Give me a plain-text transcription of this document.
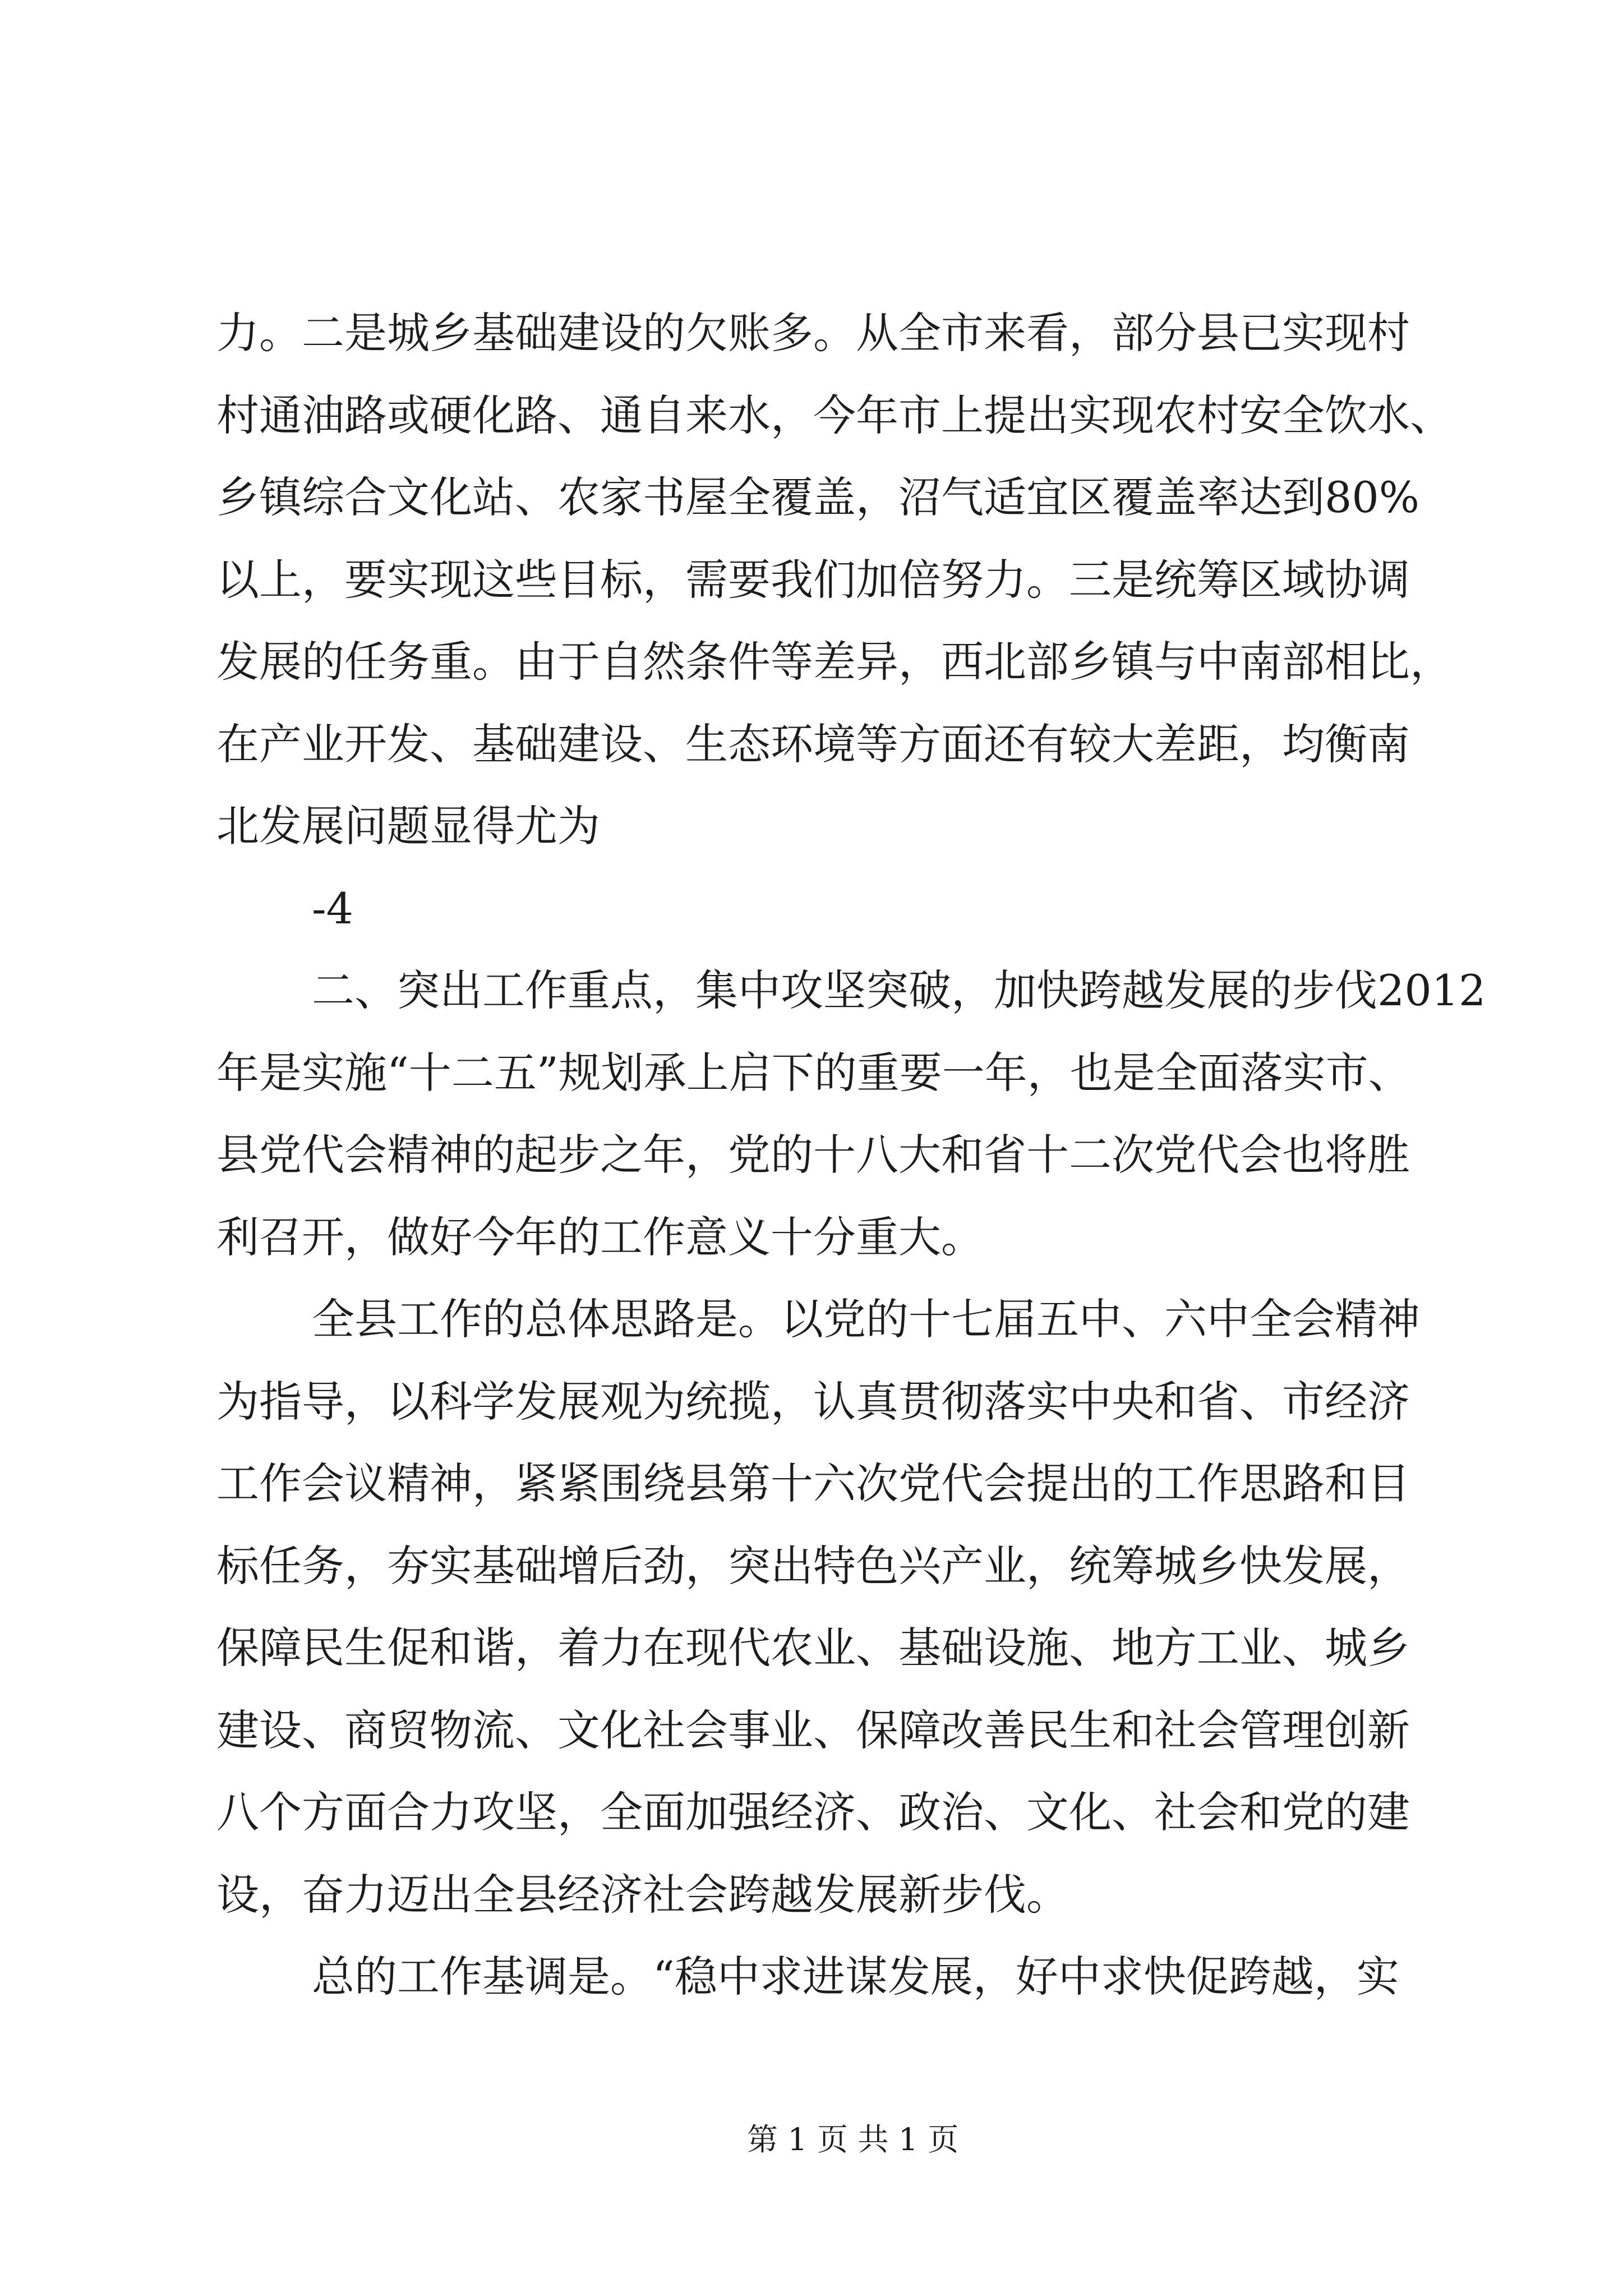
力。二是城乡基础建设的欠账多。从全市来看，部分县已实现村
村通油路或硬化路、通自来水，今年市上提出实现农村安全饮水、
乡镇综合文化站、农家书屋全覆盖，沼气适宜区覆盖率达到80%
以上，要实现这些目标，需要我们加倍努力。三是统筹区域协调
发展的任务重。由于自然条件等差异，西北部乡镇与中南部相比，
在产业开发、基础建设、生态环境等方面还有较大差距，均衡南
北发展问题显得尤为
-4
二、突出工作重点，集中攻坚突破，加快跨越发展的步伐2012
年是实施“十二五”规划承上启下的重要一年，也是全面落实市、
县党代会精神的起步之年，党的十八大和省十二次党代会也将胜
利召开，做好今年的工作意义十分重大。
全县工作的总体思路是。以党的十七届五中、六中全会精神
为指导，以科学发展观为统揽，认真贯彻落实中央和省、市经济
工作会议精神，紧紧围绕县第十六次党代会提出的工作思路和目
标任务，夯实基础增后劲，突出特色兴产业，统筹城乡快发展，
保障民生促和谐，着力在现代农业、基础设施、地方工业、城乡
建设、商贸物流、文化社会事业、保障改善民生和社会管理创新
八个方面合力攻坚，全面加强经济、政治、文化、社会和党的建
设，奋力迈出全县经济社会跨越发展新步伐。
总的工作基调是。“稳中求进谋发展，好中求快促跨越，实
第 1 页 共 1 页
